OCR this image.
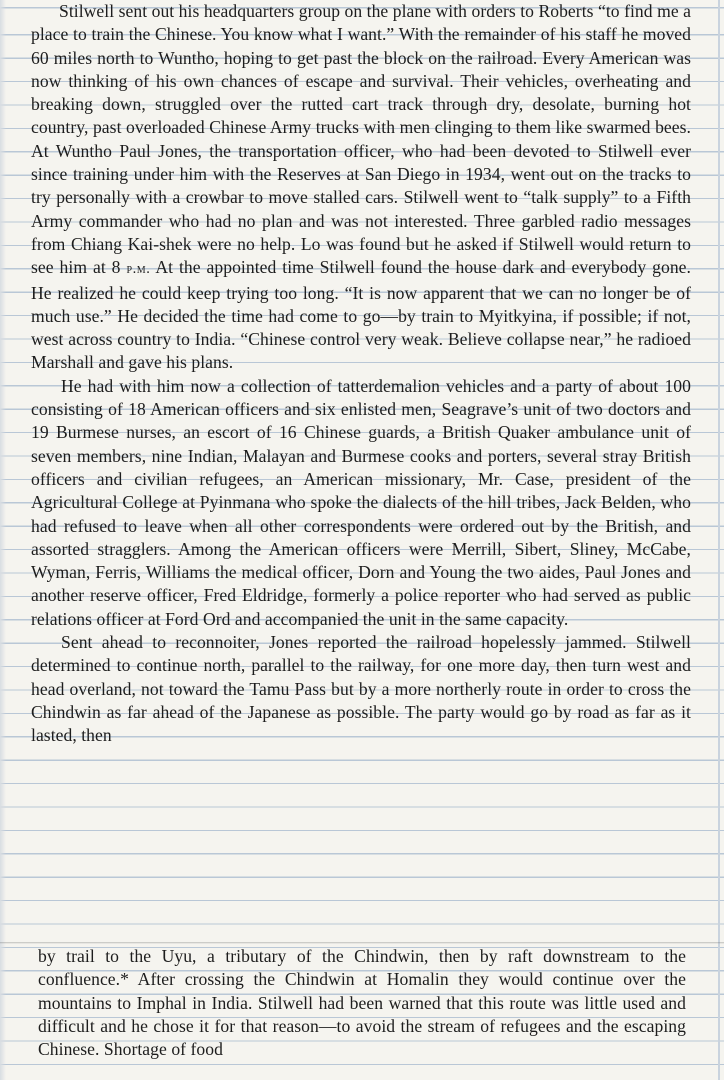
Stilwell sent out his headquarters group on the plane with orders to Roberts “to find me a place to train the Chinese. You know what I want.” With the remainder of his staff he moved 60 miles north to Wuntho, hoping to get past the block on the railroad. Every American was now thinking of his own chances of escape and survival. Their vehicles, overheating and breaking down, struggled over the rutted cart track through dry, desolate, burning hot country, past overloaded Chinese Army trucks with men clinging to them like swarmed bees. At Wuntho Paul Jones, the transportation officer, who had been devoted to Stilwell ever since training under him with the Reserves at San Diego in 1934, went out on the tracks to try personally with a crowbar to move stalled cars. Stilwell went to “talk supply” to a Fifth Army commander who had no plan and was not interested. Three garbled radio messages from Chiang Kai-shek were no help. Lo was found but he asked if Stilwell would return to see him at 8 p.m. At the appointed time Stilwell found the house dark and everybody gone. He realized he could keep trying too long. “It is now apparent that we can no longer be of much use.” He decided the time had come to go—by train to Myitkyina, if possible; if not, west across country to India. “Chinese control very weak. Believe collapse near,” he radioed Marshall and gave his plans.

He had with him now a collection of tatterdemalion vehicles and a party of about 100 consisting of 18 American officers and six enlisted men, Seagrave’s unit of two doctors and 19 Burmese nurses, an escort of 16 Chinese guards, a British Quaker ambulance unit of seven members, nine Indian, Malayan and Burmese cooks and porters, several stray British officers and civilian refugees, an American missionary, Mr. Case, president of the Agricultural College at Pyinmana who spoke the dialects of the hill tribes, Jack Belden, who had refused to leave when all other correspondents were ordered out by the British, and assorted stragglers. Among the American officers were Merrill, Sibert, Sliney, McCabe, Wyman, Ferris, Williams the medical officer, Dorn and Young the two aides, Paul Jones and another reserve officer, Fred Eldridge, formerly a police reporter who had served as public relations officer at Ford Ord and accompanied the unit in the same capacity.

Sent ahead to reconnoiter, Jones reported the railroad hopelessly jammed. Stilwell determined to continue north, parallel to the railway, for one more day, then turn west and head overland, not toward the Tamu Pass but by a more northerly route in order to cross the Chindwin as far ahead of the Japanese as possible. The party would go by road as far as it lasted, then

by trail to the Uyu, a tributary of the Chindwin, then by raft downstream to the confluence.* After crossing the Chindwin at Homalin they would continue over the mountains to Imphal in India. Stilwell had been warned that this route was little used and difficult and he chose it for that reason—to avoid the stream of refugees and the escaping Chinese. Shortage of food
